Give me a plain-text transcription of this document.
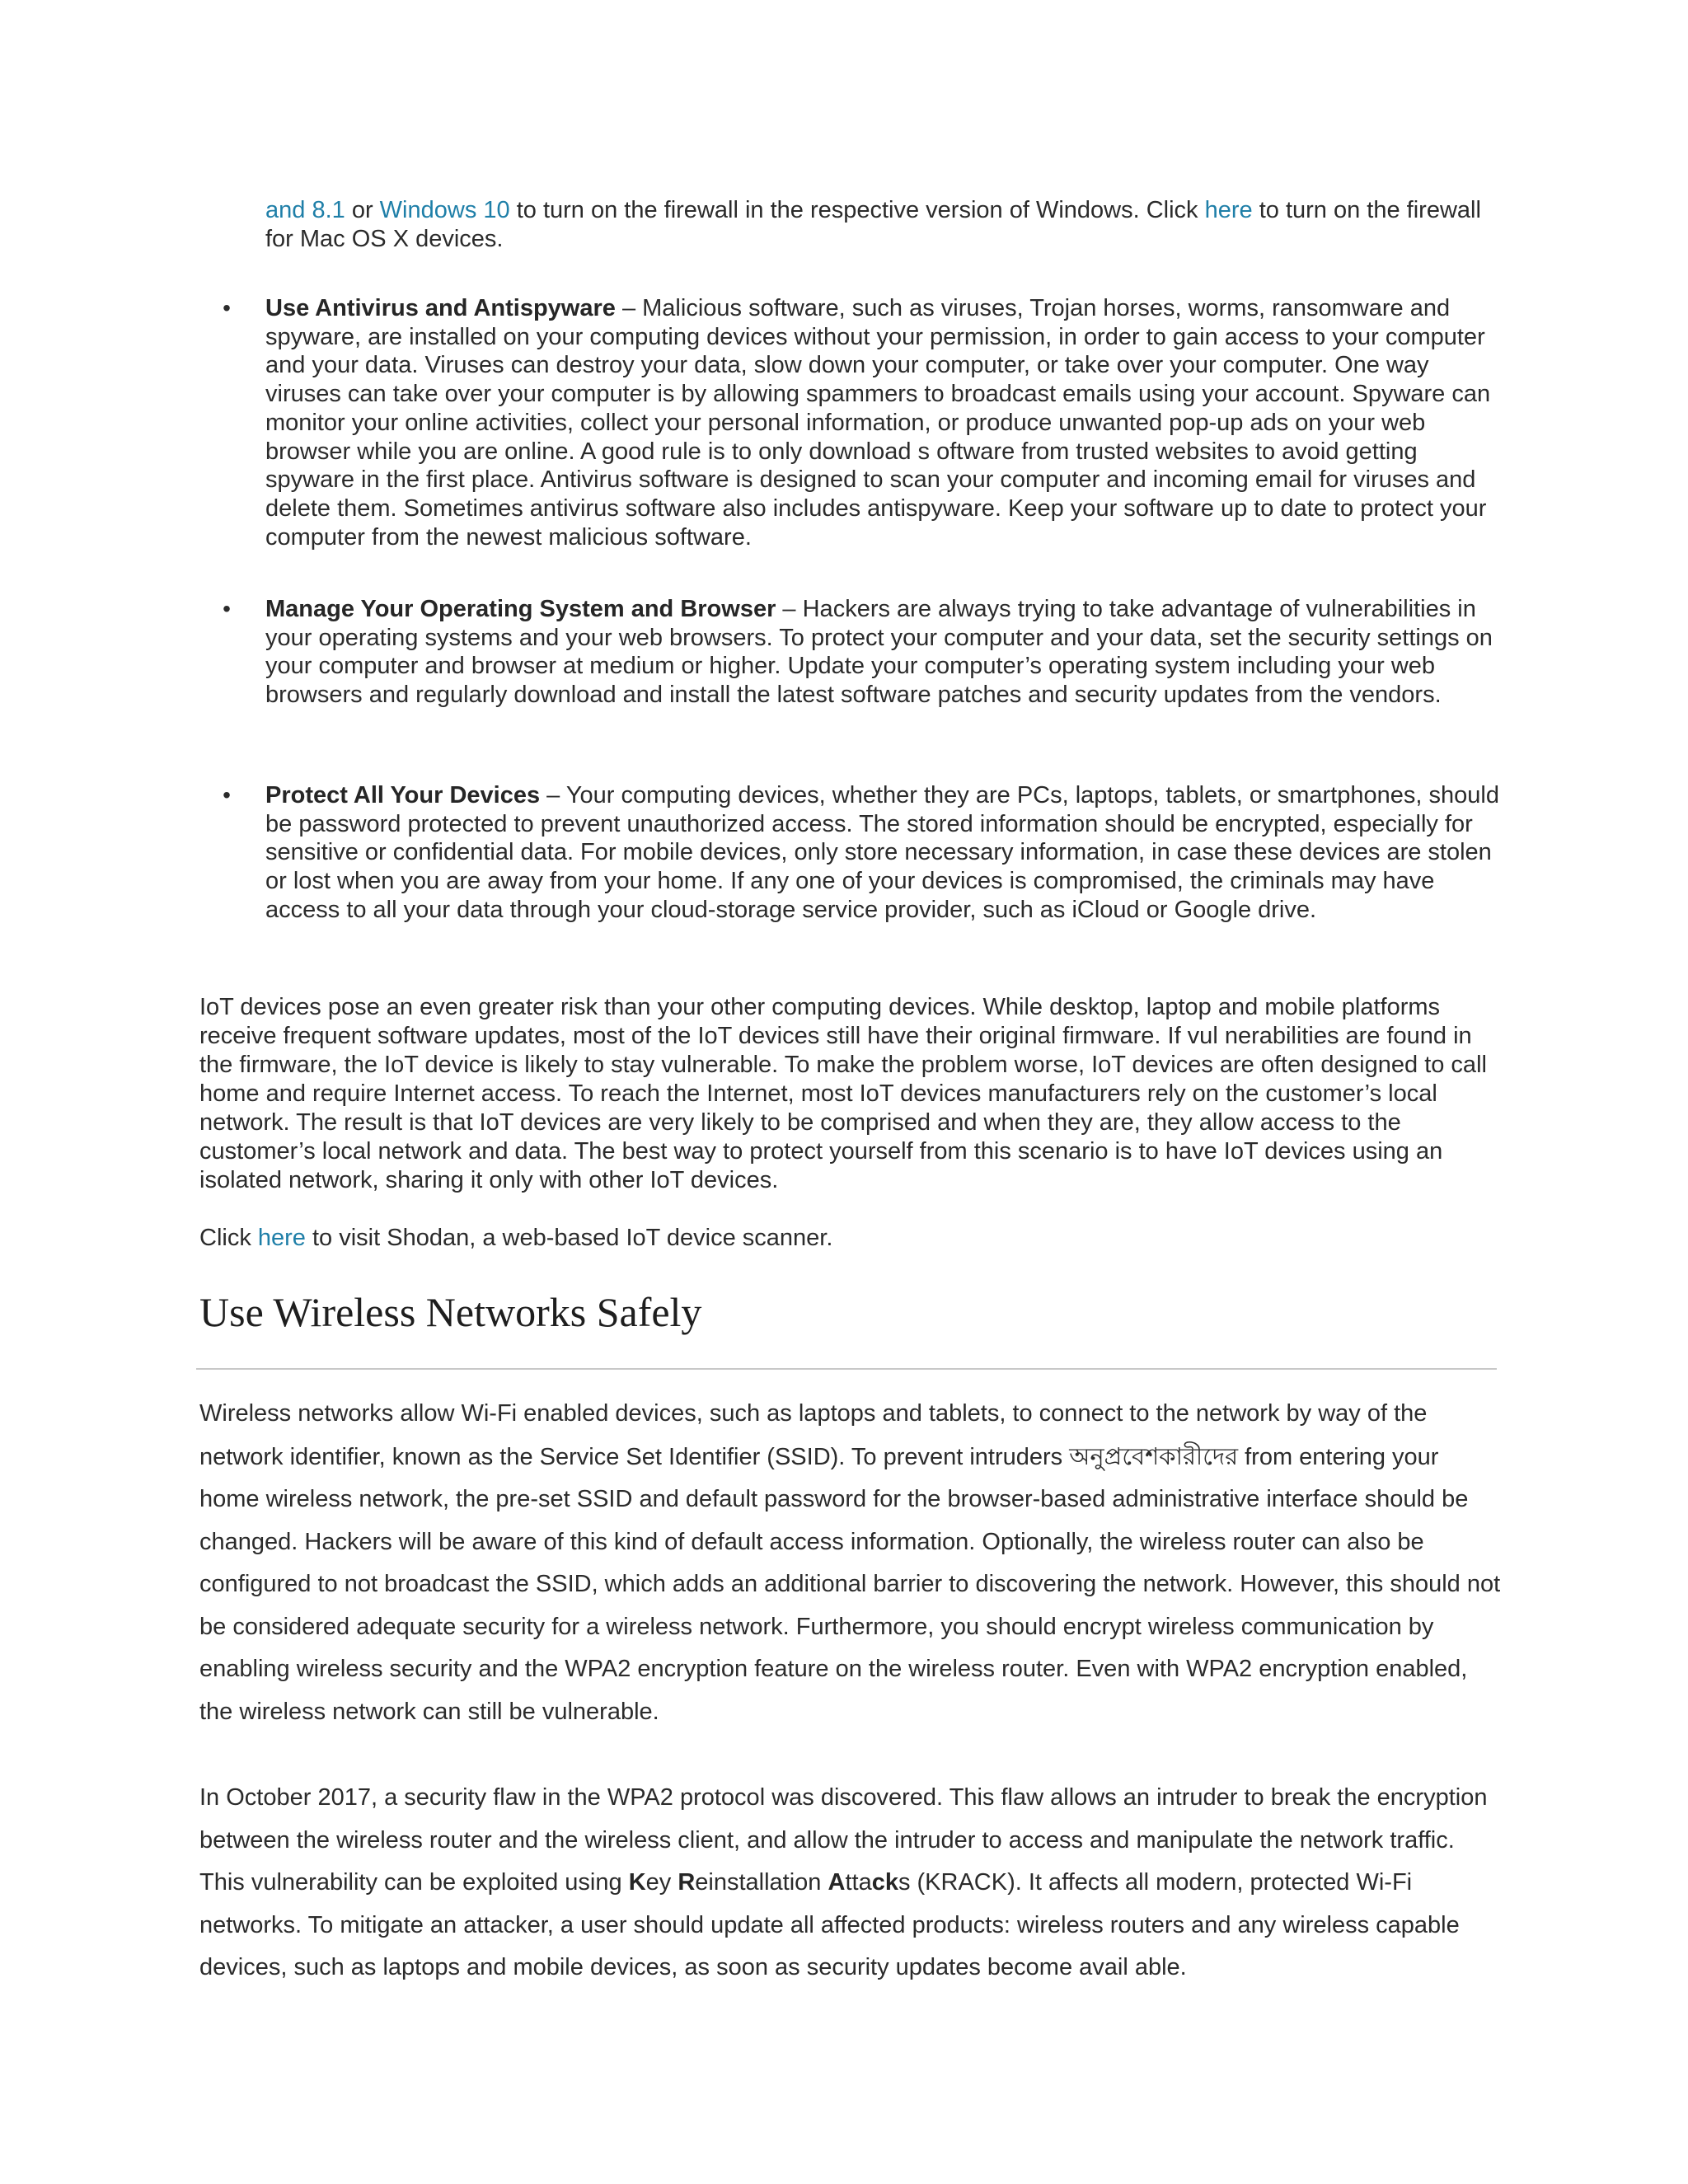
and 8.1 or Windows 10 to turn on the firewall in the respective version of Windows. Click here to turn on the firewall for Mac OS X devices.

• Use Antivirus and Antispyware – Malicious software, such as viruses, Trojan horses, worms, ransomware and spyware, are installed on your computing devices without your permission, in order to gain access to your computer and your data. Viruses can destroy your data, slow down your computer, or take over your computer. One way viruses can take over your computer is by allowing spammers to broadcast emails using your account. Spyware can monitor your online activities, collect your personal information, or produce unwanted pop-up ads on your web browser while you are online. A good rule is to only download s oftware from trusted websites to avoid getting spyware in the first place. Antivirus software is designed to scan your computer and incoming email for viruses and delete them. Sometimes antivirus software also includes antispyware. Keep your software up to date to protect your computer from the newest malicious software.

• Manage Your Operating System and Browser – Hackers are always trying to take advantage of vulnerabilities in your operating systems and your web browsers. To protect your computer and your data, set the security settings on your computer and browser at medium or higher. Update your computer’s operating system including your web browsers and regularly download and install the latest software patches and security updates from the vendors.

• Protect All Your Devices – Your computing devices, whether they are PCs, laptops, tablets, or smartphones, should be password protected to prevent unauthorized access. The stored information should be encrypted, especially for sensitive or confidential data. For mobile devices, only store necessary information, in case these devices are stolen or lost when you are away from your home. If any one of your devices is compromised, the criminals may have access to all your data through your cloud-storage service provider, such as iCloud or Google drive.

IoT devices pose an even greater risk than your other computing devices. While desktop, laptop and mobile platforms receive frequent software updates, most of the IoT devices still have their original firmware. If vul nerabilities are found in the firmware, the IoT device is likely to stay vulnerable. To make the problem worse, IoT devices are often designed to call home and require Internet access. To reach the Internet, most IoT devices manufacturers rely on the customer’s local network. The result is that IoT devices are very likely to be comprised and when they are, they allow access to the customer’s local network and data. The best way to protect yourself from this scenario is to have IoT devices using an isolated network, sharing it only with other IoT devices.

Click here to visit Shodan, a web-based IoT device scanner.

Use Wireless Networks Safely

Wireless networks allow Wi-Fi enabled devices, such as laptops and tablets, to connect to the network by way of the network identifier, known as the Service Set Identifier (SSID). To prevent intruders অনুপ্রবেশকারীদের from entering your home wireless network, the pre-set SSID and default password for the browser-based administrative interface should be changed. Hackers will be aware of this kind of default access information. Optionally, the wireless router can also be configured to not broadcast the SSID, which adds an additional barrier to discovering the network. However, this should not be considered adequate security for a wireless network. Furthermore, you should encrypt wireless communication by enabling wireless security and the WPA2 encryption feature on the wireless router. Even with WPA2 encryption enabled, the wireless network can still be vulnerable.

In October 2017, a security flaw in the WPA2 protocol was discovered. This flaw allows an intruder to break the encryption between the wireless router and the wireless client, and allow the intruder to access and manipulate the network traffic. This vulnerability can be exploited using Key Reinstallation Attacks (KRACK). It affects all modern, protected Wi-Fi networks. To mitigate an attacker, a user should update all affected products: wireless routers and any wireless capable devices, such as laptops and mobile devices, as soon as security updates become avail able.
